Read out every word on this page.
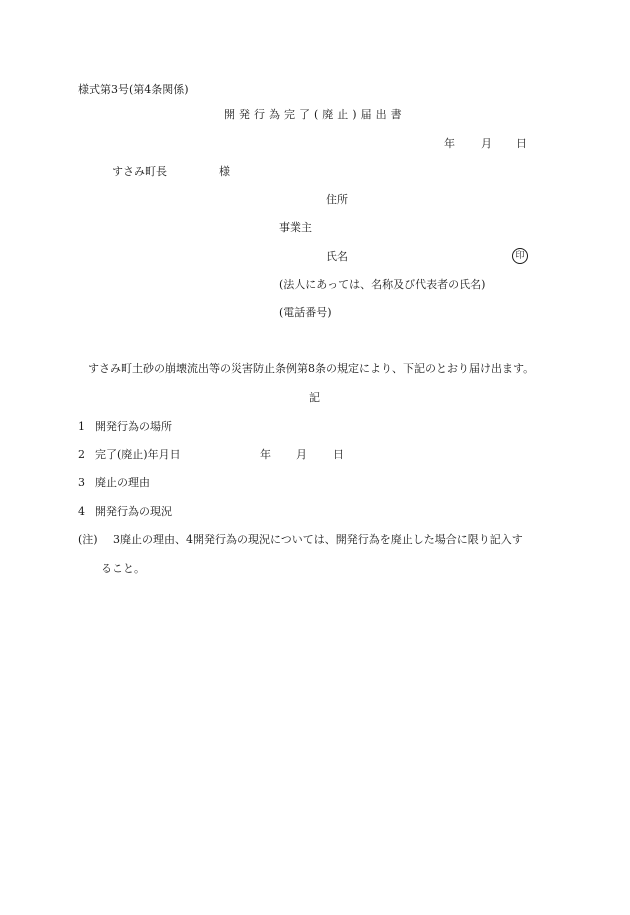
様式第3号(第4条関係)
開発行為完了(廃止)届出書
年 月 日
すさみ町長	様
住所
事業主
氏名	印
(法人にあっては、名称及び代表者の氏名)
(電話番号)
すさみ町土砂の崩壊流出等の災害防止条例第8条の規定により、下記のとおり届け出ます。
記
1 開発行為の場所
2 完了(廃止)年月日	年 月 日
3 廃止の理由
4 開発行為の現況
(注) 3廃止の理由、4開発行為の現況については、開発行為を廃止した場合に限り記入す
ること。
